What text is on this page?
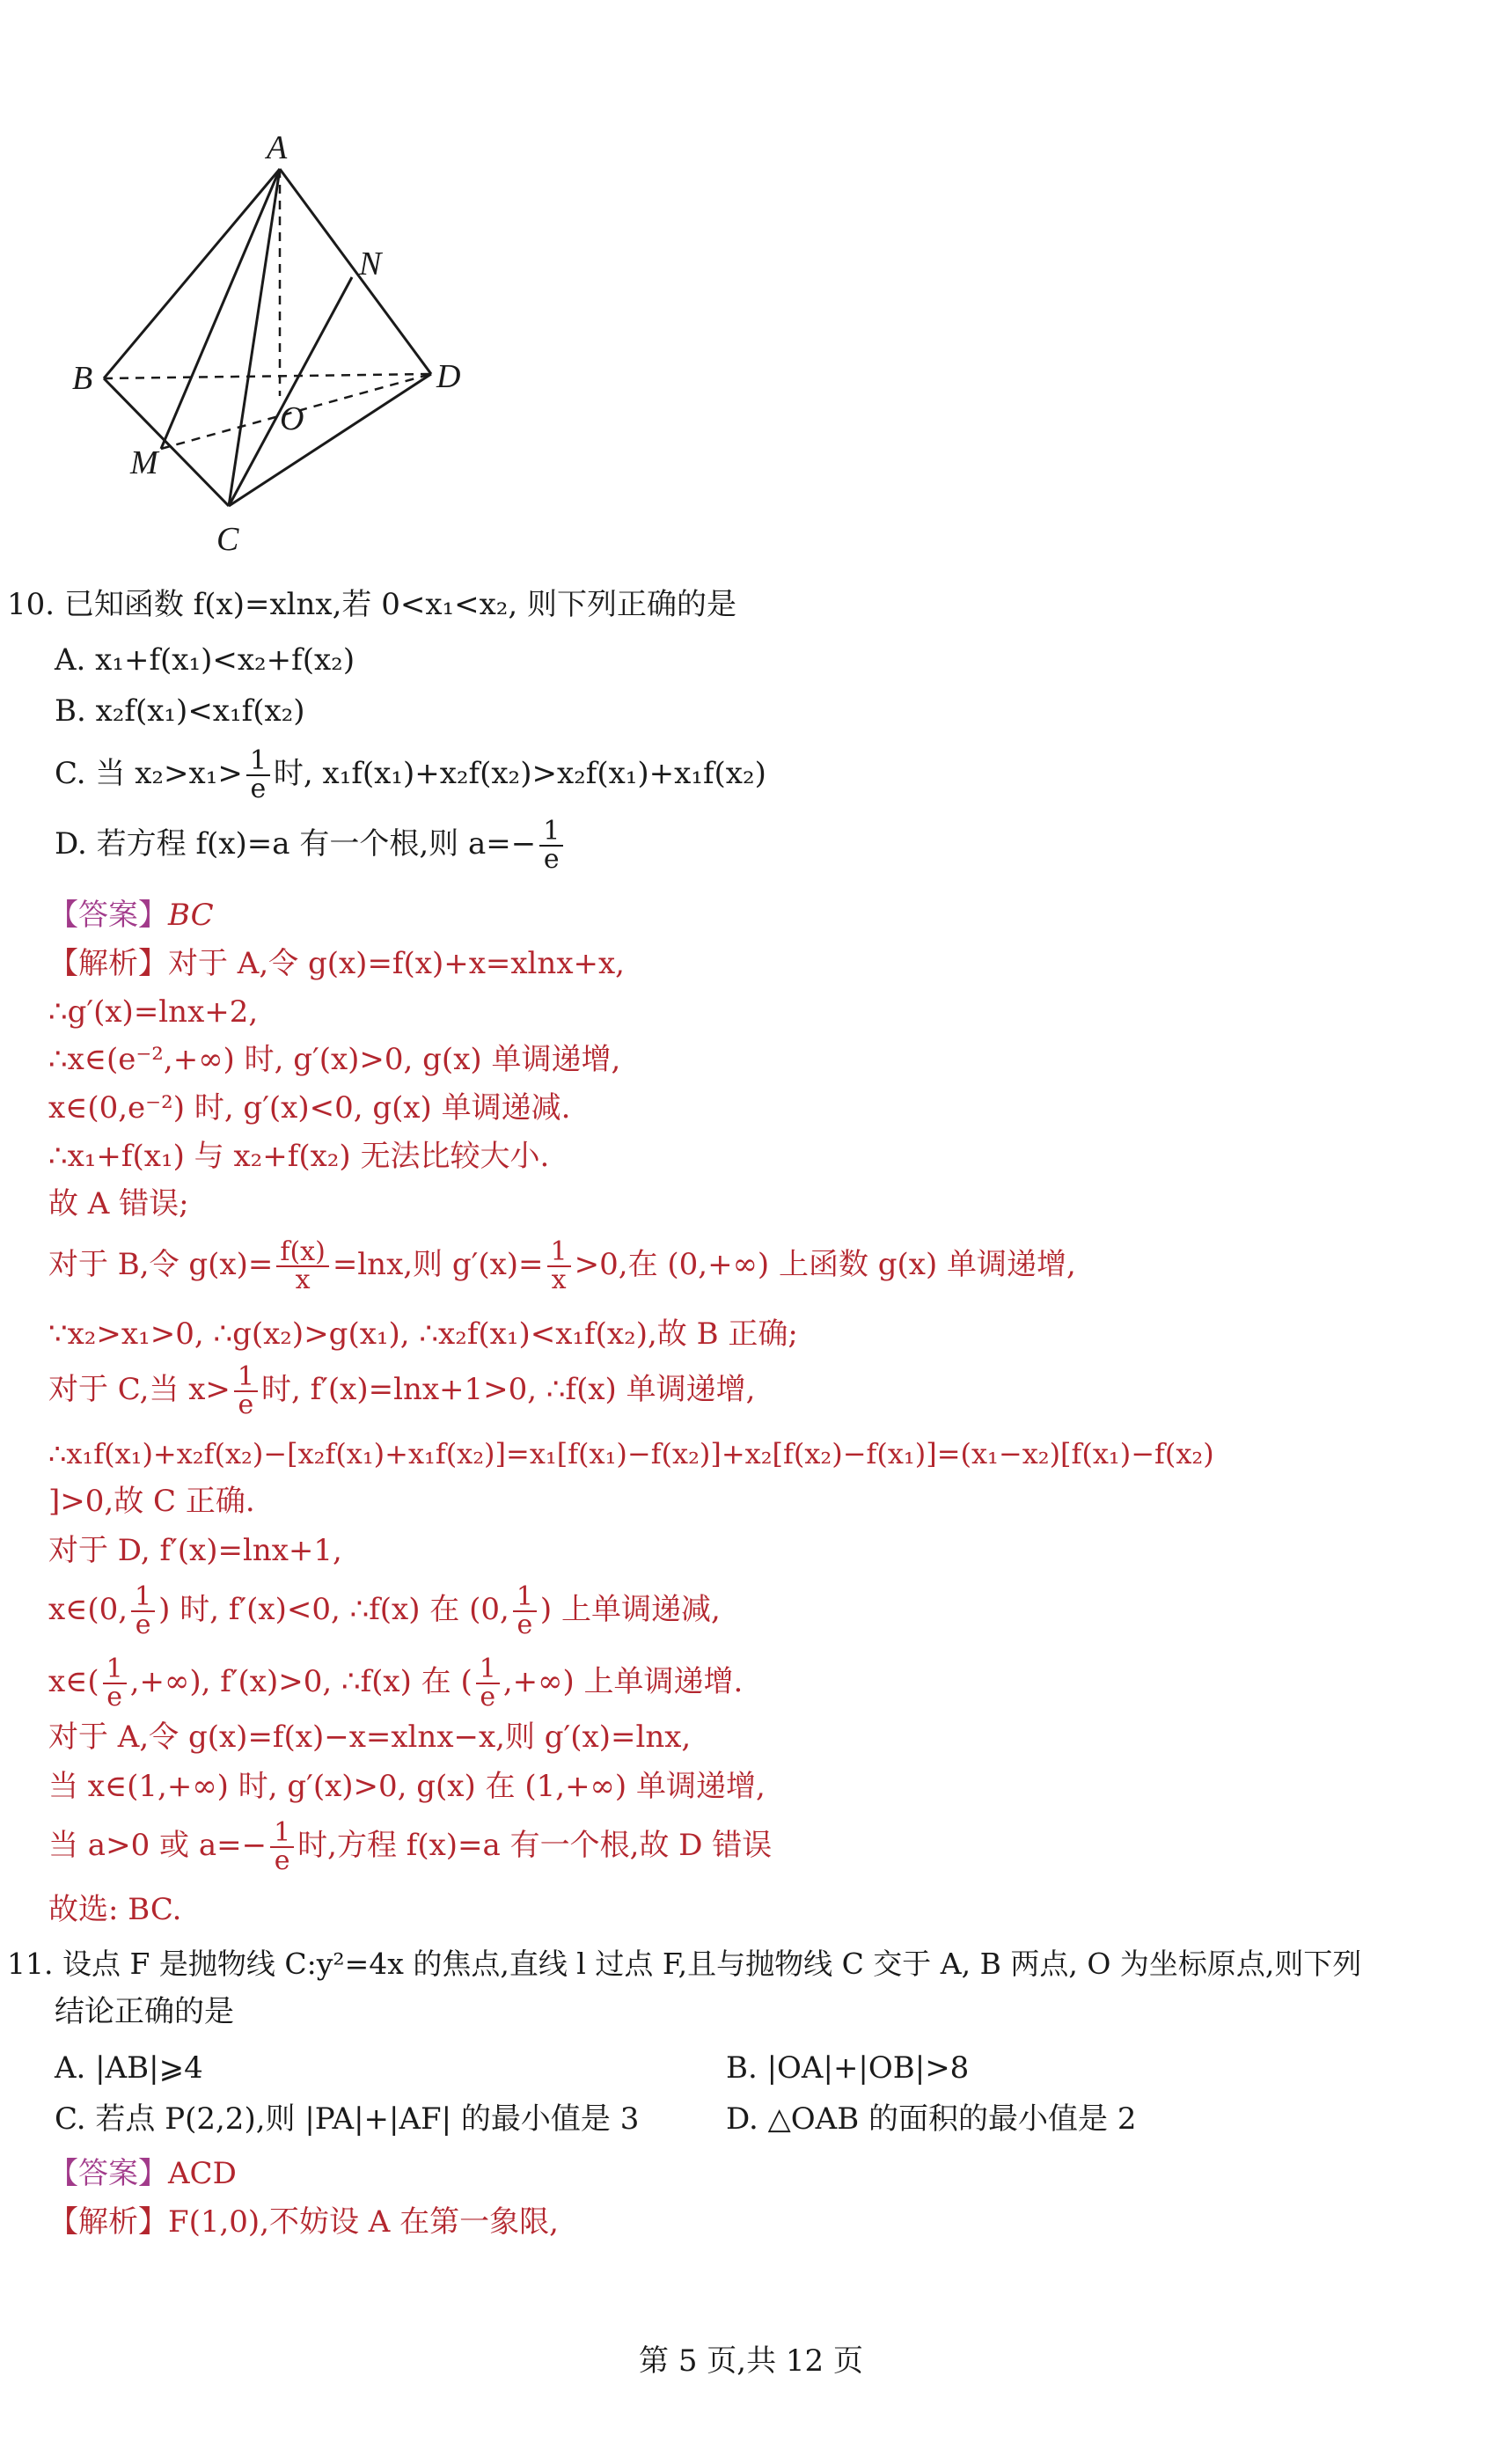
A
N
B	D
O
M
C
10. 已知函数 f(x)=xlnx,若 0<x₁<x₂, 则下列正确的是
A. x₁+f(x₁)<x₂+f(x₂)
B. x₂f(x₁)<x₁f(x₂)
C. 当 $x_2>x_1> \frac{1}{e}$ 时, x₁f(x₁)+x₂f(x₂)>x₂f(x₁)+x₁f(x₂)
D. 若方程 f(x)=a 有一个根,则 $a=- \frac{1}{e}$
【答案】BC
【解析】对于 A,令 g(x)=f(x)+x=xlnx+x,
∴g′(x)=lnx+2,
∴x∈(e⁻²,+∞) 时, g′(x)>0, g(x) 单调递增,
x∈(0,e⁻²) 时, g′(x)<0, g(x) 单调递减.
∴x₁+f(x₁) 与 x₂+f(x₂) 无法比较大小.
故 A 错误;
对于 B,令 $g(x)= \frac{f(x)}{x} =\ln x$,则 $g'(x)= \frac{1}{x} >0$,在 (0,+∞) 上函数 g(x) 单调递增,
∵x₂>x₁>0, ∴g(x₂)>g(x₁), ∴x₂f(x₁)<x₁f(x₂),故 B 正确;
对于 C,当 $x> \frac{1}{e}$ 时, f′(x)=lnx+1>0, ∴f(x) 单调递增,
∴x₁f(x₁)+x₂f(x₂)−[x₂f(x₁)+x₁f(x₂)]=x₁[f(x₁)−f(x₂)]+x₂[f(x₂)−f(x₁)]=(x₁−x₂)[f(x₁)−f(x₂)
]>0,故 C 正确.
对于 D, f′(x)=lnx+1,
x∈(0, $\frac{1}{e}$ ) 时, f′(x)<0, ∴f(x) 在 (0, $\frac{1}{e}$ ) 上单调递减,
x∈( $\frac{1}{e}$ ,+∞), f′(x)>0, ∴f(x) 在 ( $\frac{1}{e}$ ,+∞) 上单调递增.
对于 A,令 g(x)=f(x)−x=xlnx−x,则 g′(x)=lnx,
当 x∈(1,+∞) 时, g′(x)>0, g(x) 在 (1,+∞) 单调递增,
当 a>0 或 $a=- \frac{1}{e}$ 时,方程 f(x)=a 有一个根,故 D 错误
故选: BC.
11. 设点 F 是抛物线 C:y²=4x 的焦点,直线 l 过点 F,且与抛物线 C 交于 A, B 两点, O 为坐标原点,则下列
结论正确的是
A. |AB|⩾4	B. |OA|+|OB|>8
C. 若点 P(2,2),则 |PA|+|AF| 的最小值是 3	D. △OAB 的面积的最小值是 2
【答案】ACD
【解析】F(1,0),不妨设 A 在第一象限,
第 5 页,共 12 页
